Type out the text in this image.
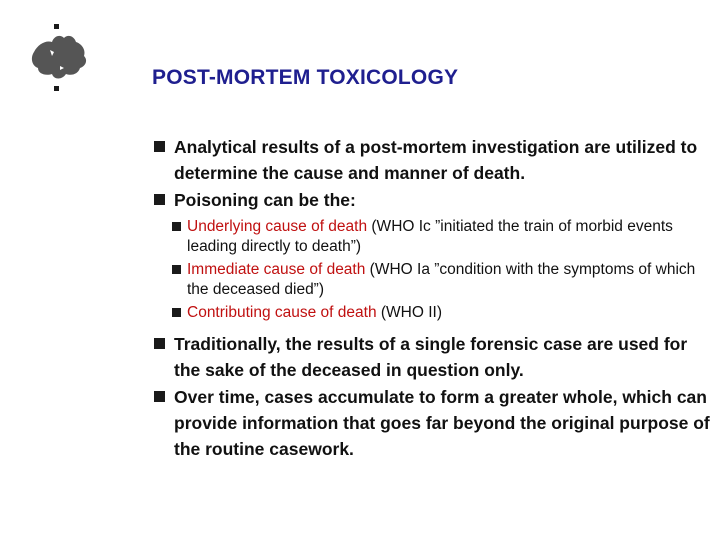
POST-MORTEM TOXICOLOGY
Analytical results of a post-mortem investigation are utilized to determine the cause and manner of death.
Poisoning can be the:
Underlying cause of death (WHO Ic ”initiated the train of morbid events leading directly to death”)
Immediate cause of death (WHO Ia ”condition with the symptoms of which the deceased died”)
Contributing cause of death (WHO II)
Traditionally, the results of a single forensic case are used for the sake of the deceased in question only.
Over time, cases accumulate to form a greater whole, which can provide information that goes far beyond the original purpose of the routine casework.
